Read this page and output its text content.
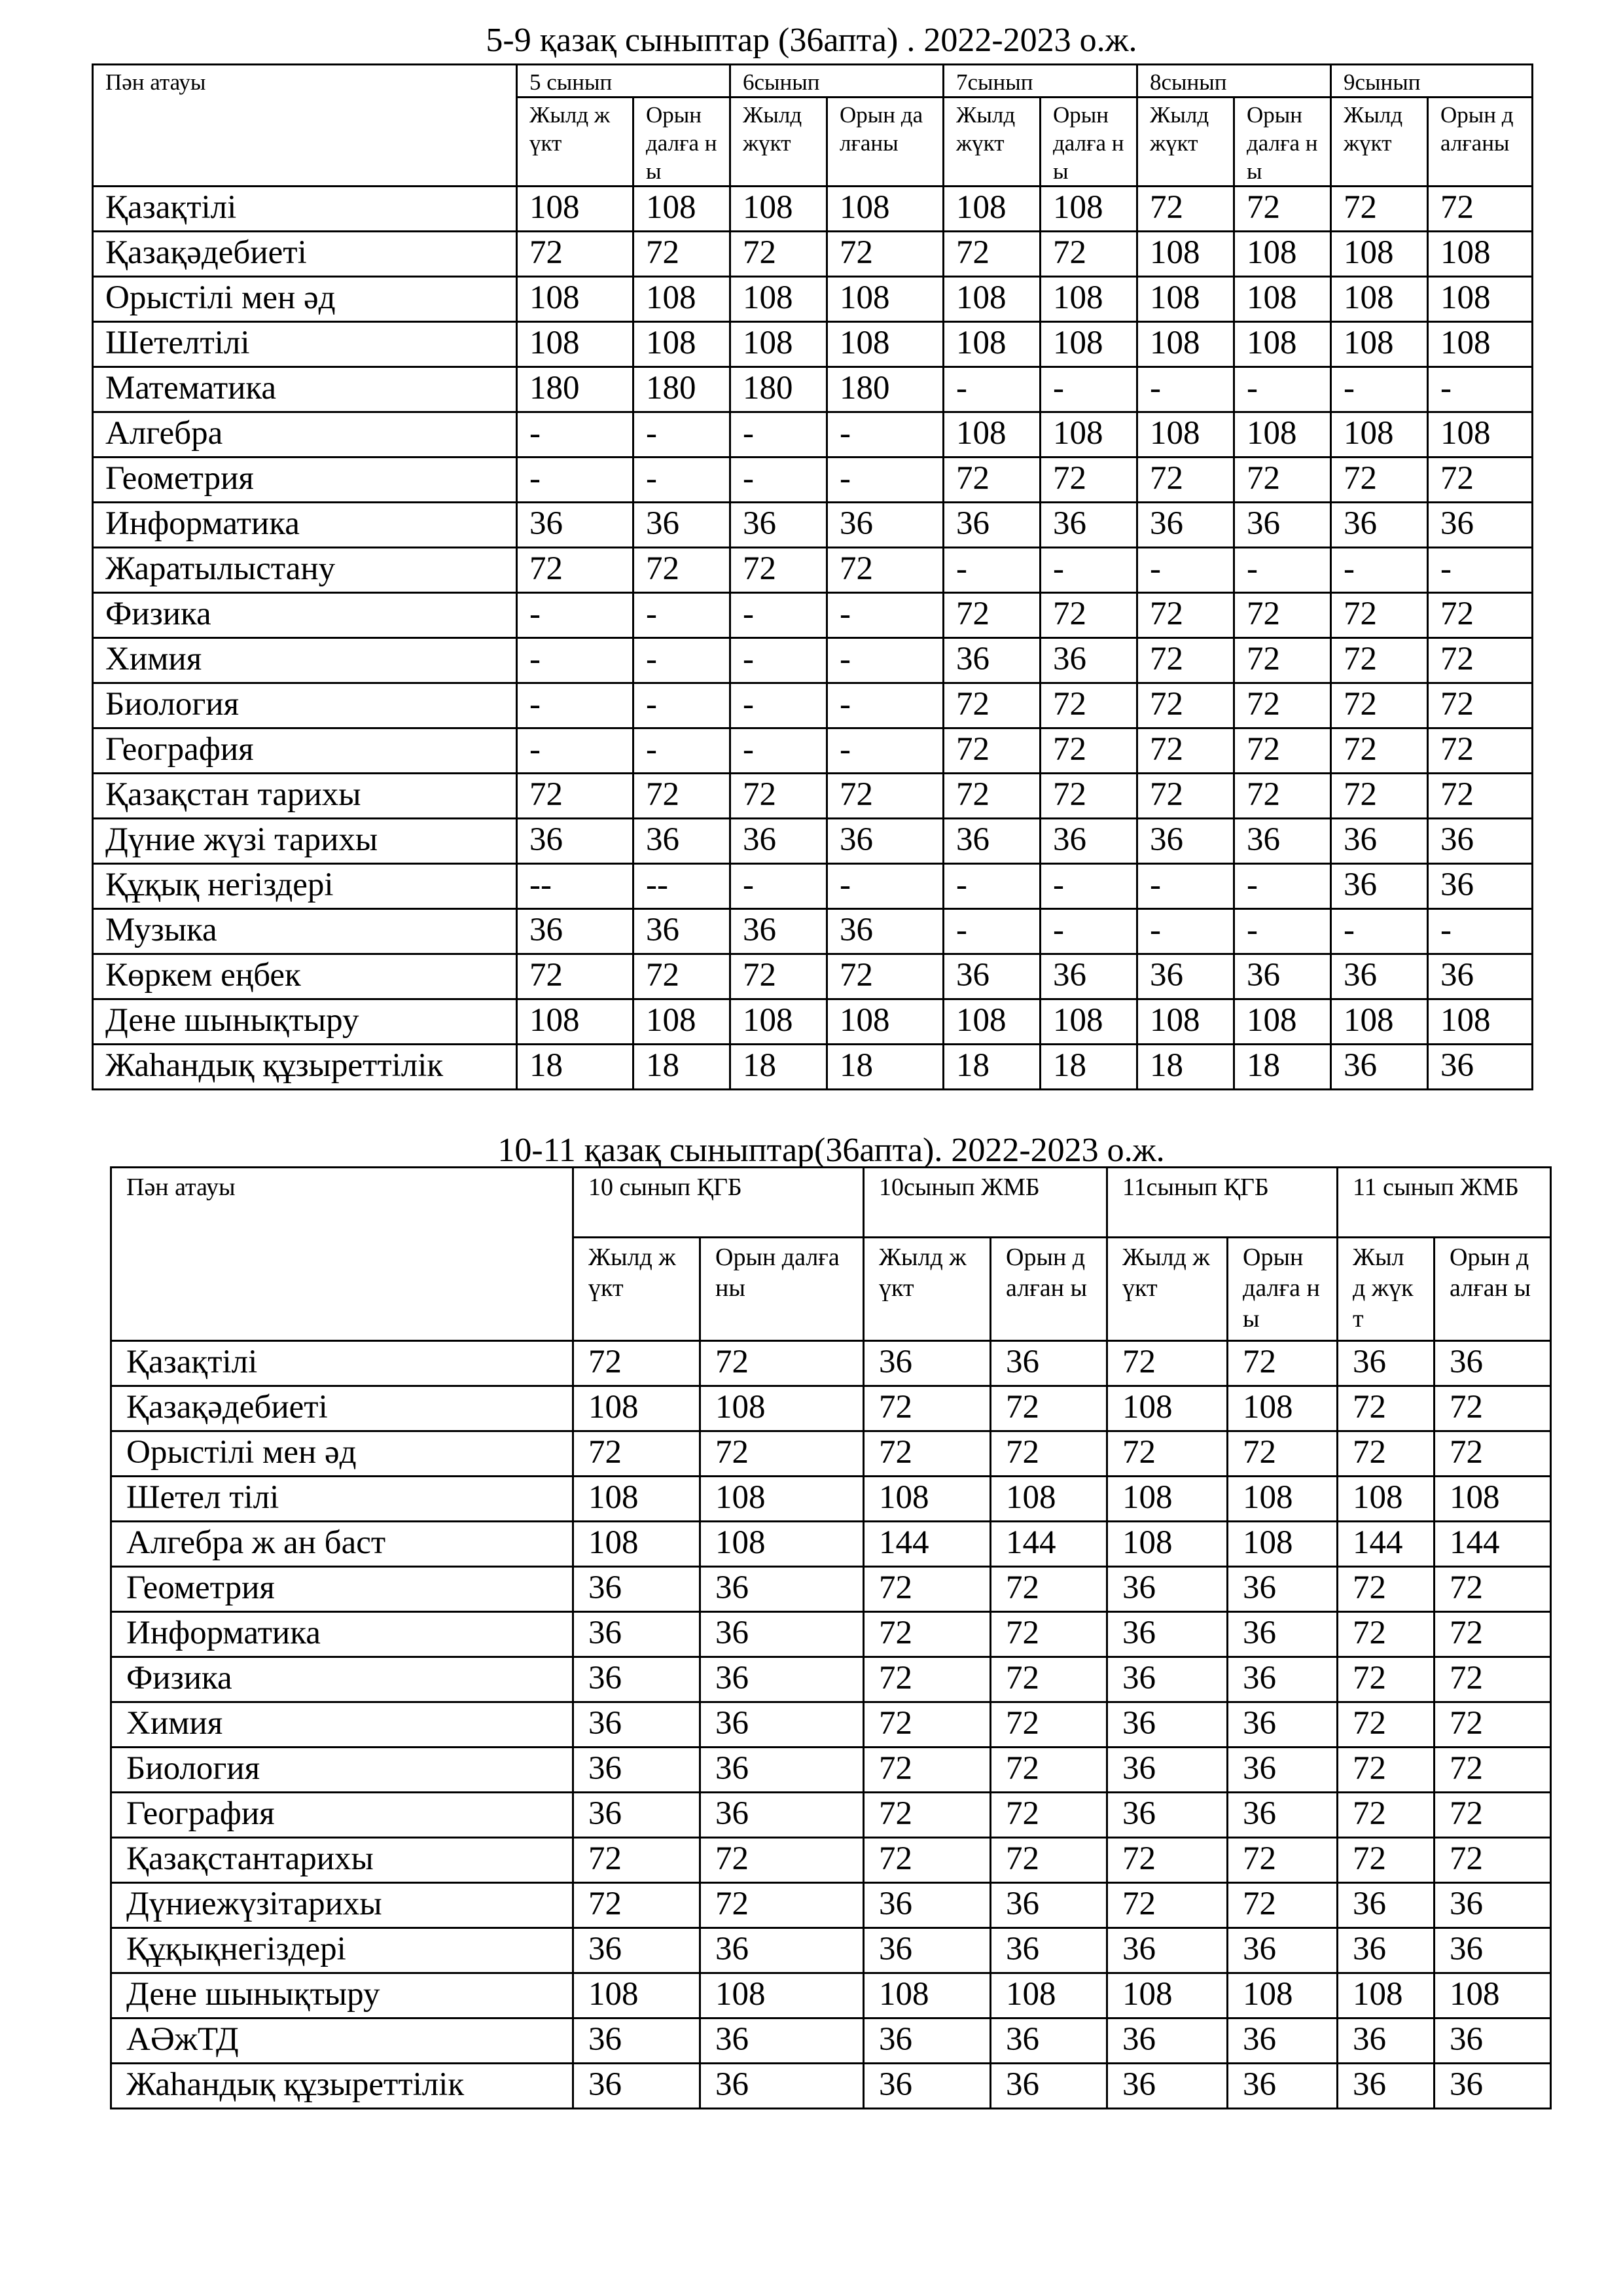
5-9 қазақ сыныптар (36апта) . 2022-2023 о.ж.
Пән атауы	5 сынып		6сынып		7сынып		8сынып		9сынып	
	Жылд жүкт	Орын далға ны	Жылд жүкт	Орын далғаны	Жылд жүкт	Орын далға ны	Жылд жүкт	Орын далға ны	Жылд жүкт	Орын далғаны
Қазақтілі	108	108	108	108	108	108	72	72	72	72
Қазақәдебиеті	72	72	72	72	72	72	108	108	108	108
Орыстілі мен әд	108	108	108	108	108	108	108	108	108	108
Шетелтілі	108	108	108	108	108	108	108	108	108	108
Математика	180	180	180	180	-	-	-	-	-	-
Алгебра	-	-	-	-	108	108	108	108	108	108
Геометрия	-	-	-	-	72	72	72	72	72	72
Информатика	36	36	36	36	36	36	36	36	36	36
Жаратылыстану	72	72	72	72	-	-	-	-	-	-
Физика	-	-	-	-	72	72	72	72	72	72
Химия	-	-	-	-	36	36	72	72	72	72
Биология	-	-	-	-	72	72	72	72	72	72
География	-	-	-	-	72	72	72	72	72	72
Қазақстан тарихы	72	72	72	72	72	72	72	72	72	72
Дүние жүзі тарихы	36	36	36	36	36	36	36	36	36	36
Құқық негіздері	--	--	-	-	-	-	-	-	36	36
Музыка	36	36	36	36	-	-	-	-	-	-
Көркем еңбек	72	72	72	72	36	36	36	36	36	36
Дене шынықтыру	108	108	108	108	108	108	108	108	108	108
Жаһандық құзыреттілік	18	18	18	18	18	18	18	18	36	36
10-11 қазақ сыныптар(36апта). 2022-2023 о.ж.
Пән атауы	10 сынып ҚГБ		10сынып ЖМБ		11сынып ҚГБ		11 сынып ЖМБ	
	Жылд жүкт	Орын далғаны	Жылд жүкт	Орын далған ы	Жылд жүкт	Орын далға ны	Жыл д жүкт	Орын далған ы
Қазақтілі	72	72	36	36	72	72	36	36
Қазақәдебиеті	108	108	72	72	108	108	72	72
Орыстілі мен әд	72	72	72	72	72	72	72	72
Шетел тілі	108	108	108	108	108	108	108	108
Алгебра ж ан баст	108	108	144	144	108	108	144	144
Геометрия	36	36	72	72	36	36	72	72
Информатика	36	36	72	72	36	36	72	72
Физика	36	36	72	72	36	36	72	72
Химия	36	36	72	72	36	36	72	72
Биология	36	36	72	72	36	36	72	72
География	36	36	72	72	36	36	72	72
Қазақстантарихы	72	72	72	72	72	72	72	72
Дүниежүзітарихы	72	72	36	36	72	72	36	36
Құқықнегіздері	36	36	36	36	36	36	36	36
Дене шынықтыру	108	108	108	108	108	108	108	108
АӘжТД	36	36	36	36	36	36	36	36
Жаһандық құзыреттілік	36	36	36	36	36	36	36	36
